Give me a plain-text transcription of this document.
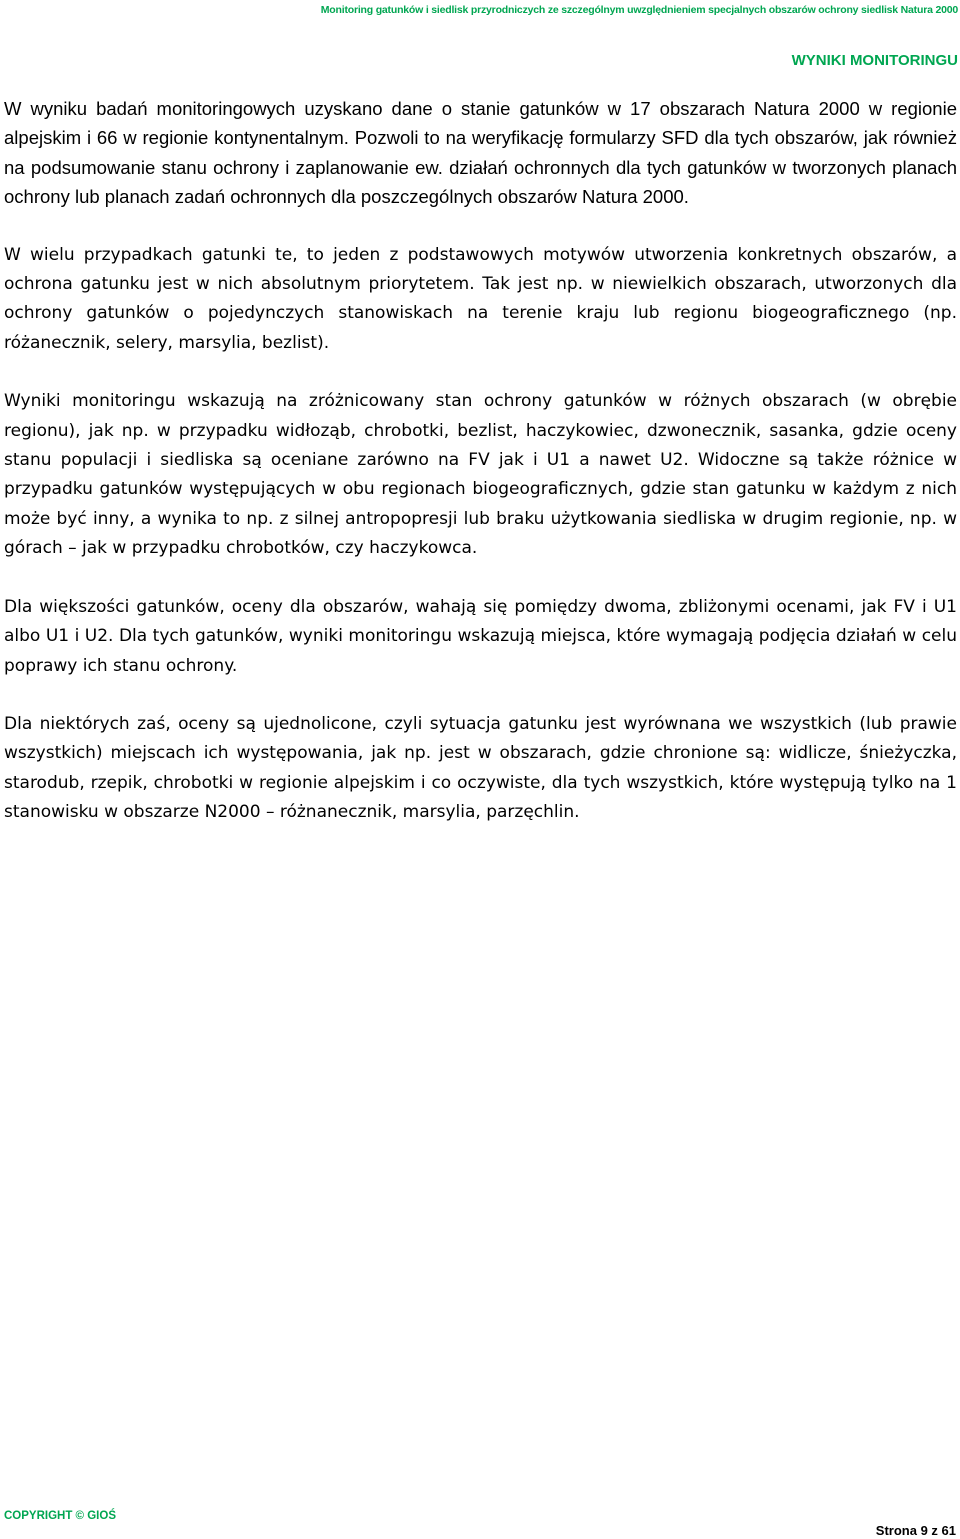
Monitoring gatunków i siedlisk przyrodniczych ze szczególnym uwzględnieniem specjalnych obszarów ochrony siedlisk Natura 2000
WYNIKI MONITORINGU

W wyniku badań monitoringowych uzyskano dane o stanie gatunków w 17 obszarach Natura 2000 w regionie alpejskim i 66 w regionie kontynentalnym. Pozwoli to na weryfikację formularzy SFD dla tych obszarów, jak również na podsumowanie stanu ochrony i zaplanowanie ew. działań ochronnych dla tych gatunków w tworzonych planach ochrony lub planach zadań ochronnych dla poszczególnych obszarów Natura 2000.

W wielu przypadkach gatunki te, to jeden z podstawowych motywów utworzenia konkretnych obszarów, a ochrona gatunku jest w nich absolutnym priorytetem. Tak jest np. w niewielkich obszarach, utworzonych dla ochrony gatunków o pojedynczych stanowiskach na terenie kraju lub regionu biogeograficznego (np. różanecznik, selery, marsylia, bezlist).

Wyniki monitoringu wskazują na zróżnicowany stan ochrony gatunków w różnych obszarach (w obrębie regionu), jak np. w przypadku widłoząb, chrobotki, bezlist, haczykowiec, dzwonecznik, sasanka, gdzie oceny stanu populacji i siedliska są oceniane zarówno na FV jak i U1 a nawet U2. Widoczne są także różnice w przypadku gatunków występujących w obu regionach biogeograficznych, gdzie stan gatunku w każdym z nich może być inny, a wynika to np. z silnej antropopresji lub braku użytkowania siedliska w drugim regionie, np. w górach – jak w przypadku chrobotków, czy haczykowca.

Dla większości gatunków, oceny dla obszarów, wahają się pomiędzy dwoma, zbliżonymi ocenami, jak FV i U1 albo U1 i U2. Dla tych gatunków, wyniki monitoringu wskazują miejsca, które wymagają podjęcia działań w celu poprawy ich stanu ochrony.

Dla niektórych zaś, oceny są ujednolicone, czyli sytuacja gatunku jest wyrównana we wszystkich (lub prawie wszystkich) miejscach ich występowania, jak np. jest w obszarach, gdzie chronione są: widlicze, śnieżyczka, starodub, rzepik, chrobotki w regionie alpejskim i co oczywiste, dla tych wszystkich, które występują tylko na 1 stanowisku w obszarze N2000 – różnanecznik, marsylia, parzęchlin.

COPYRIGHT © GIOŚ
Strona 9 z 61
